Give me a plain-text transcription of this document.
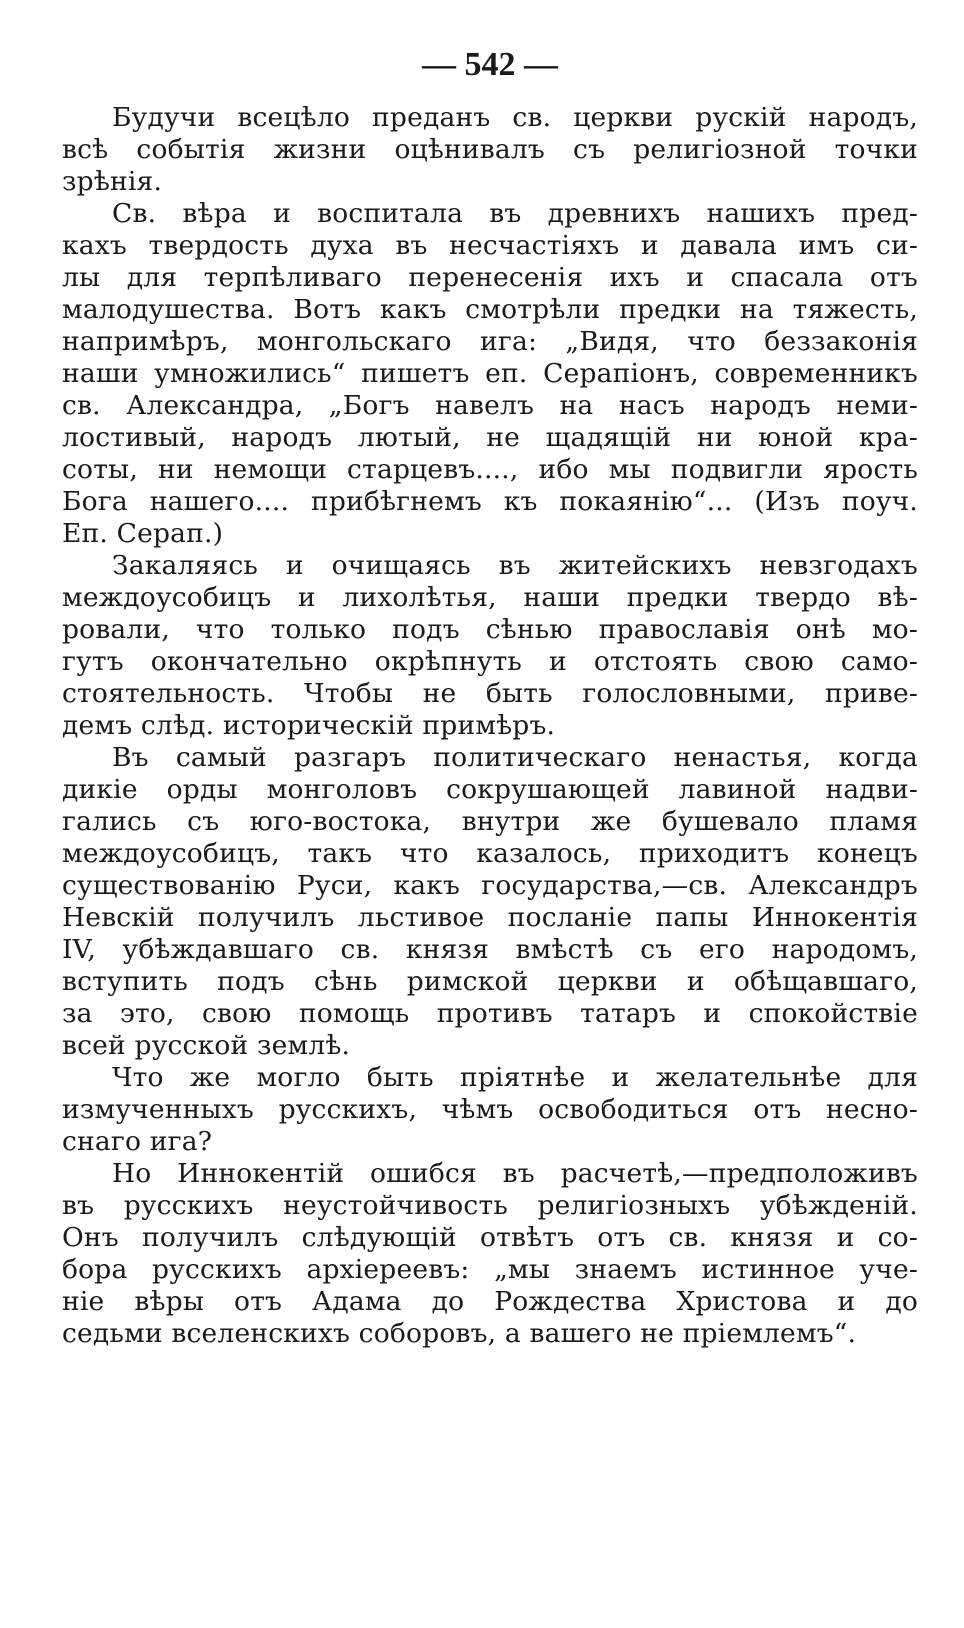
— 542 —
Будучи всецѣло преданъ св. церкви рускій народъ,
всѣ событія жизни оцѣнивалъ съ религіозной точки
зрѣнія.
Св. вѣра и воспитала въ древнихъ нашихъ пред-
кахъ твердость духа въ несчастіяхъ и давала имъ си-
лы для терпѣливаго перенесенія ихъ и спасала отъ
малодушества. Вотъ какъ смотрѣли предки на тяжесть,
напримѣръ, монгольскаго ига: „Видя, что беззаконія
наши умножились“ пишетъ еп. Серапіонъ, современникъ
св. Александра, „Богъ навелъ на насъ народъ неми-
лостивый, народъ лютый, не щадящій ни юной кра-
соты, ни немощи старцевъ...., ибо мы подвигли ярость
Бога нашего.... прибѣгнемъ къ покаянію“... (Изъ поуч.
Еп. Серап.)
Закаляясь и очищаясь въ житейскихъ невзгодахъ
междоусобицъ и лихолѣтья, наши предки твердо вѣ-
ровали, что только подъ сѣнью православія онѣ мо-
гутъ окончательно окрѣпнуть и отстоять свою само-
стоятельность. Чтобы не быть голословными, приве-
демъ слѣд. историческій примѣръ.
Въ самый разгаръ политическаго ненастья, когда
дикіе орды монголовъ сокрушающей лавиной надви-
гались съ юго-востока, внутри же бушевало пламя
междоусобицъ, такъ что казалось, приходитъ конецъ
существованію Руси, какъ государства,—св. Александръ
Невскій получилъ льстивое посланіе папы Иннокентія
IV, убѣждавшаго св. князя вмѣстѣ съ его народомъ,
вступить подъ сѣнь римской церкви и обѣщавшаго,
за это, свою помощь противъ татаръ и спокойствіе
всей русской землѣ.
Что же могло быть пріятнѣе и желательнѣе для
измученныхъ русскихъ, чѣмъ освободиться отъ несно-
снаго ига?
Но Иннокентій ошибся въ расчетѣ,—предположивъ
въ русскихъ неустойчивость религіозныхъ убѣжденій.
Онъ получилъ слѣдующій отвѣтъ отъ св. князя и со-
бора русскихъ архіереевъ: „мы знаемъ истинное уче-
ніе вѣры отъ Адама до Рождества Христова и до
седьми вселенскихъ соборовъ, а вашего не пріемлемъ“.
